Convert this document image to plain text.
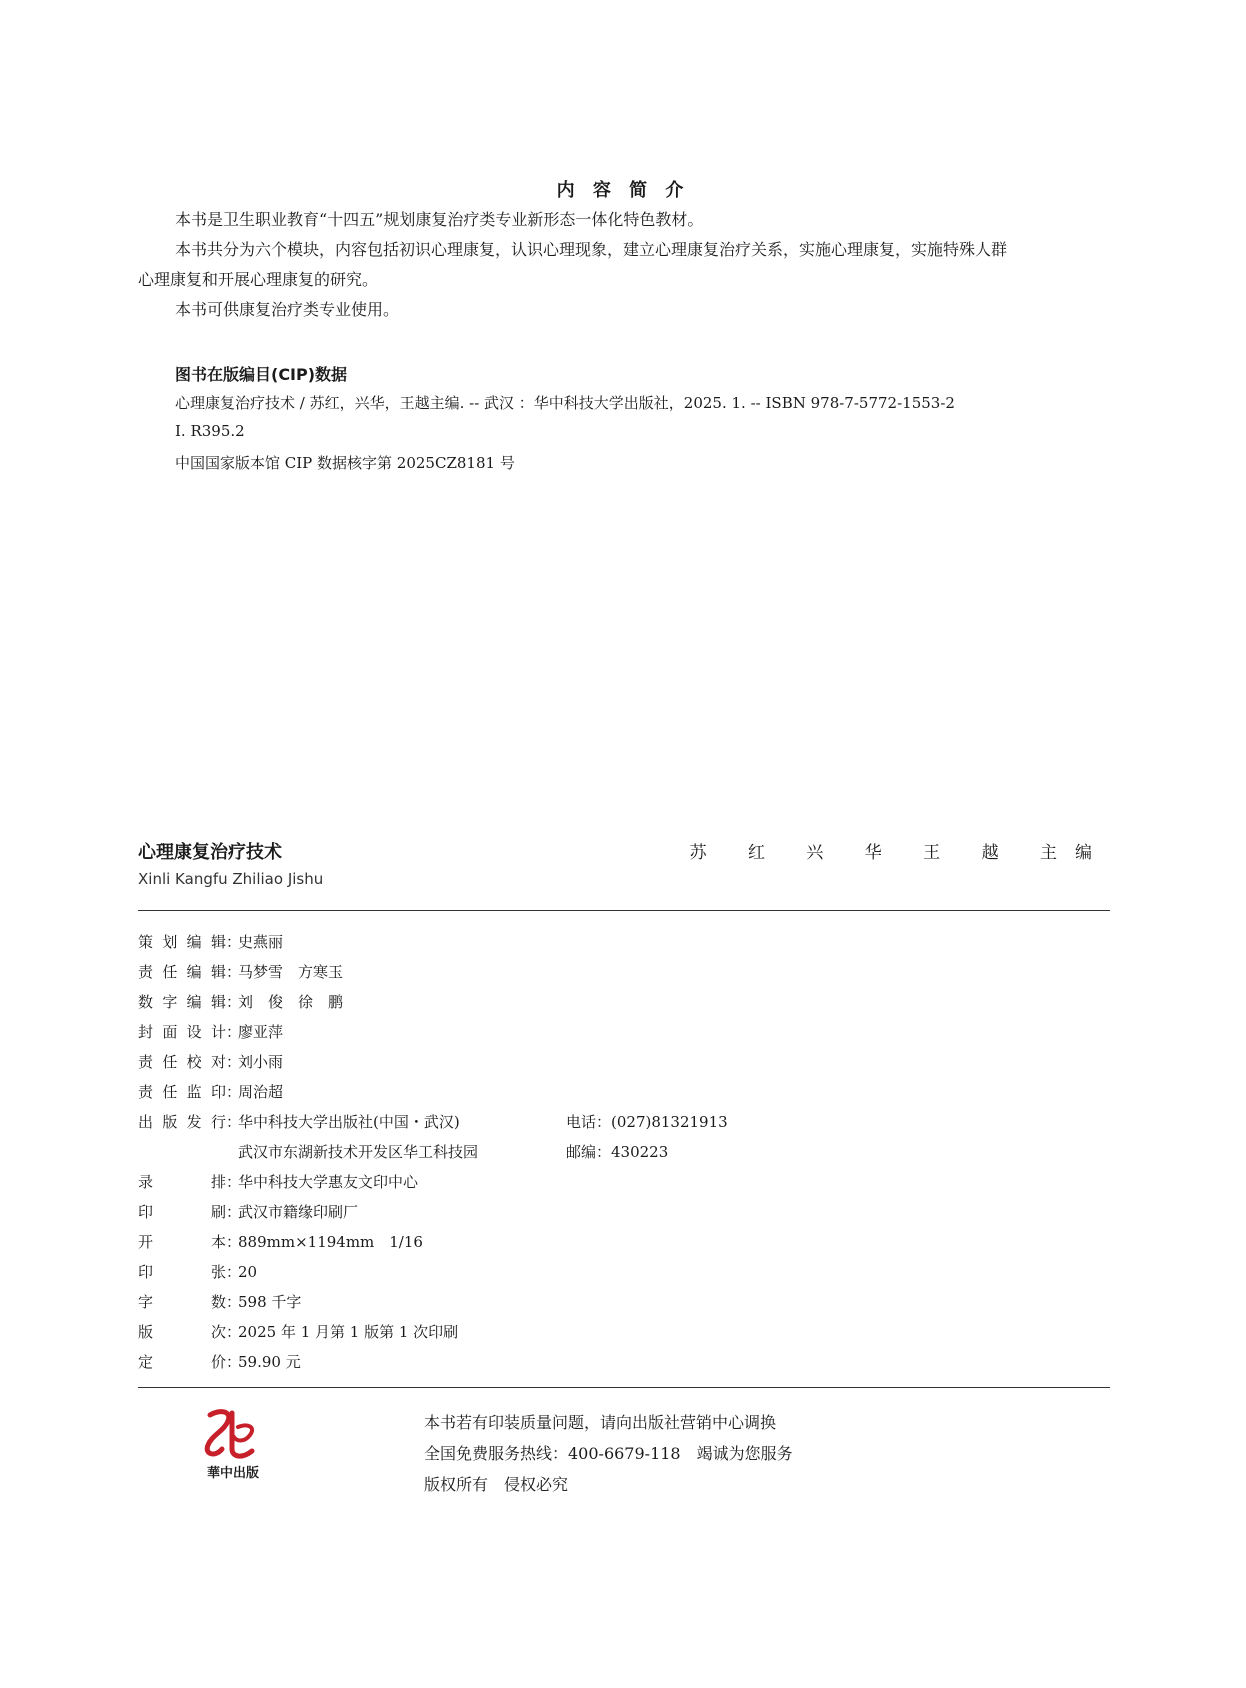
内 容 简 介
本书是卫生职业教育“十四五”规划康复治疗类专业新形态一体化特色教材。
本书共分为六个模块，内容包括初识心理康复，认识心理现象，建立心理康复治疗关系，实施心理康复，实施特殊人群
心理康复和开展心理康复的研究。
本书可供康复治疗类专业使用。
图书在版编目(CIP)数据
心理康复治疗技术 / 苏红，兴华，王越主编. -- 武汉 ：华中科技大学出版社，2025. 1. -- ISBN 978-7-5772-1553-2
Ⅰ. R395.2
中国国家版本馆 CIP 数据核字第 2025CZ8181 号
心理康复治疗技术
Xinli Kangfu Zhiliao Jishu
苏 红 兴 华 王 越 主编
策划编辑 ：
史燕丽
责任编辑 ：
马梦雪　方寒玉
数字编辑 ：
刘　俊　徐　鹏
封面设计 ：
廖亚萍
责任校对 ：
刘小雨
责任监印 ：
周治超
出版发行 ：
华中科技大学出版社(中国・武汉)
武汉市东湖新技术开发区华工科技园
录排 ：
华中科技大学惠友文印中心
印刷 ：
武汉市籍缘印刷厂
开本 ：
889mm×1194mm　1/16
印张 ：
20
字数 ：
598 千字
版次 ：
2025 年 1 月第 1 版第 1 次印刷
定价 ：
59.90 元
电话：(027)81321913
邮编：430223
華中出版
本书若有印装质量问题，请向出版社营销中心调换
全国免费服务热线：400-6679-118　竭诚为您服务
版权所有　侵权必究
